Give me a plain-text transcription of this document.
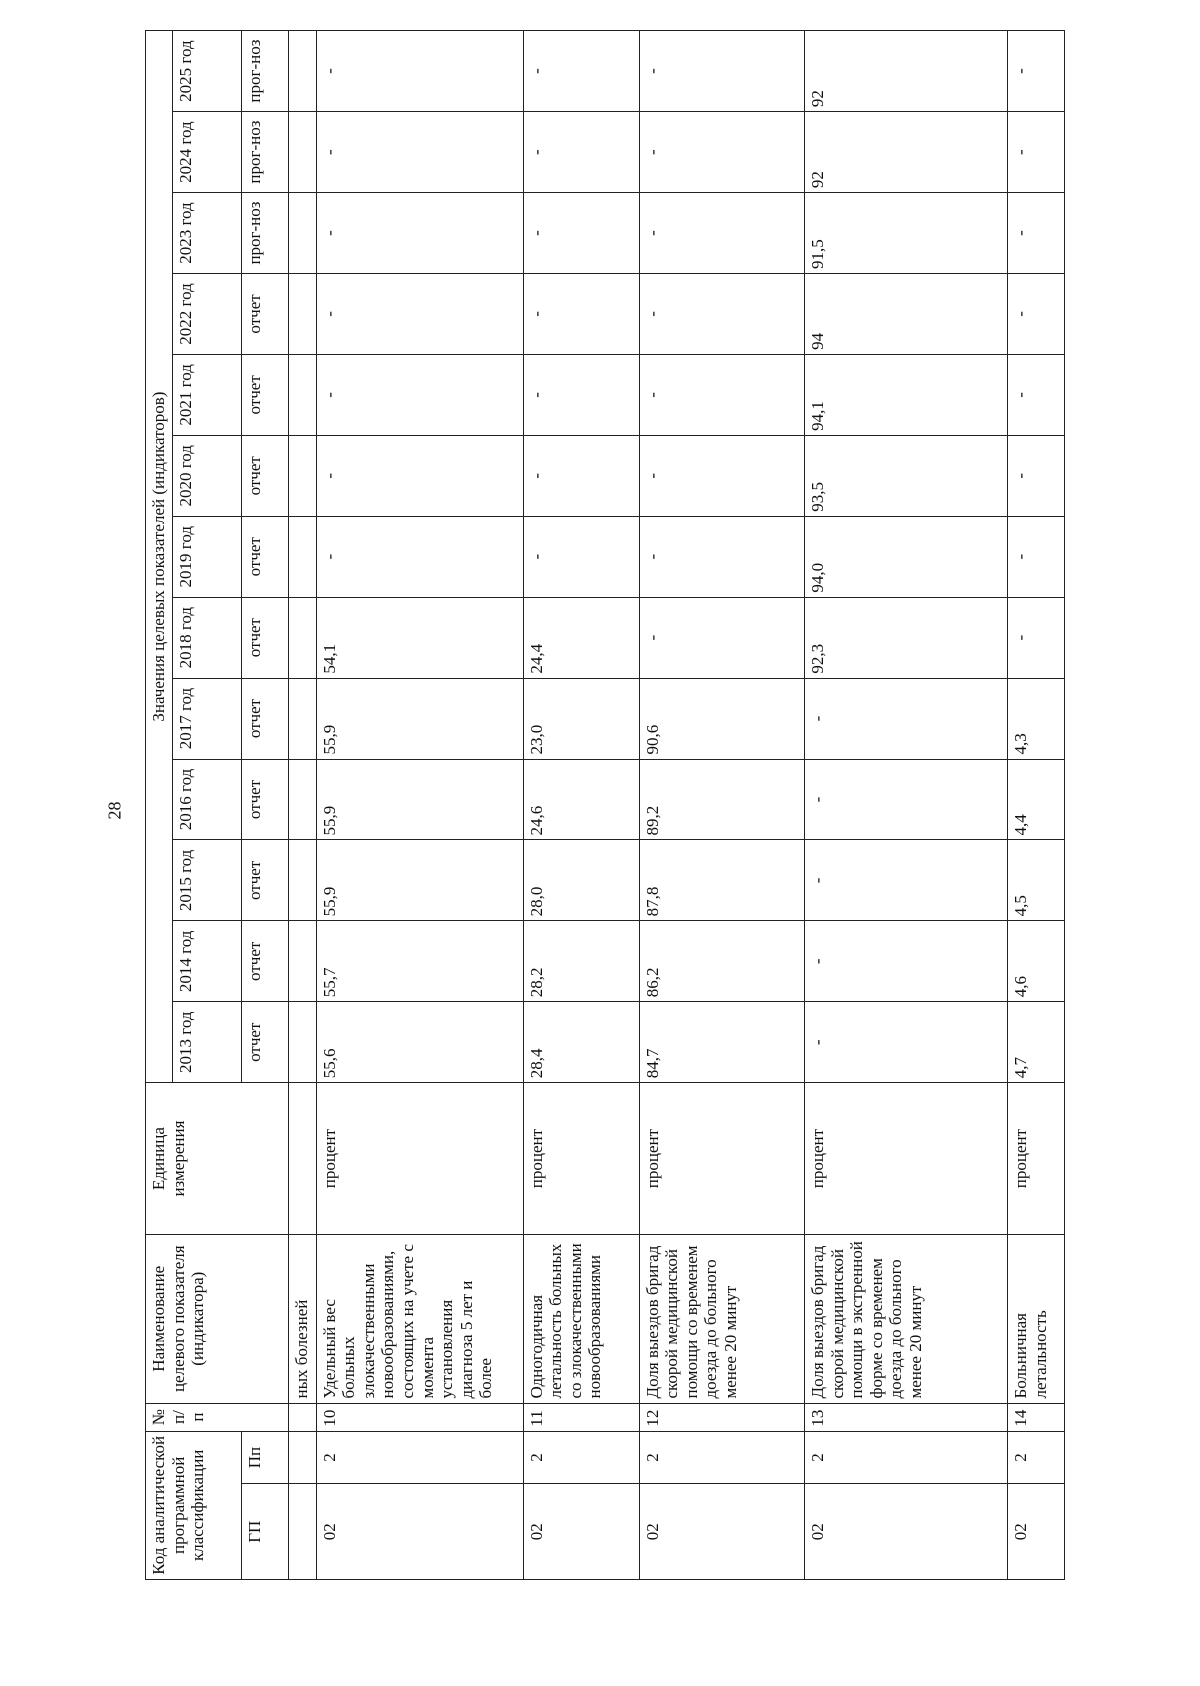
28
Код аналитической программной классификации		№ п/п	Наименование целевого показателя (индикатора)	Единица измерения	Значения целевых показателей (индикаторов)												
					2013 год	2014 год	2015 год	2016 год	2017 год	2018 год	2019 год	2020 год	2021 год	2022 год	2023 год	2024 год	2025 год
ГП	Пп				отчет	отчет	отчет	отчет	отчет	отчет	отчет	отчет	отчет	отчет	прог-ноз	прог-ноз	прог-ноз
			ных болезней														
02	2	10	Удельный вес больных злокачественными новообразованиями, состоящих на учете с момента установления диагноза 5 лет и более	процент	55,6	55,7	55,9	55,9	55,9	54,1	-	-	-	-	-	-	-
02	2	11	Одногодичная летальность больных со злокачественными новообразованиями	процент	28,4	28,2	28,0	24,6	23,0	24,4	-	-	-	-	-	-	-
02	2	12	Доля выездов бригад скорой медицинской помощи со временем доезда до больного менее 20 минут	процент	84,7	86,2	87,8	89,2	90,6	-	-	-	-	-	-	-	-
02	2	13	Доля выездов бригад скорой медицинской помощи в экстренной форме со временем доезда до больного менее 20 минут	процент	-	-	-	-	-	92,3	94,0	93,5	94,1	94	91,5	92	92
02	2	14	Больничная летальность	процент	4,7	4,6	4,5	4,4	4,3	-	-	-	-	-	-	-	-
